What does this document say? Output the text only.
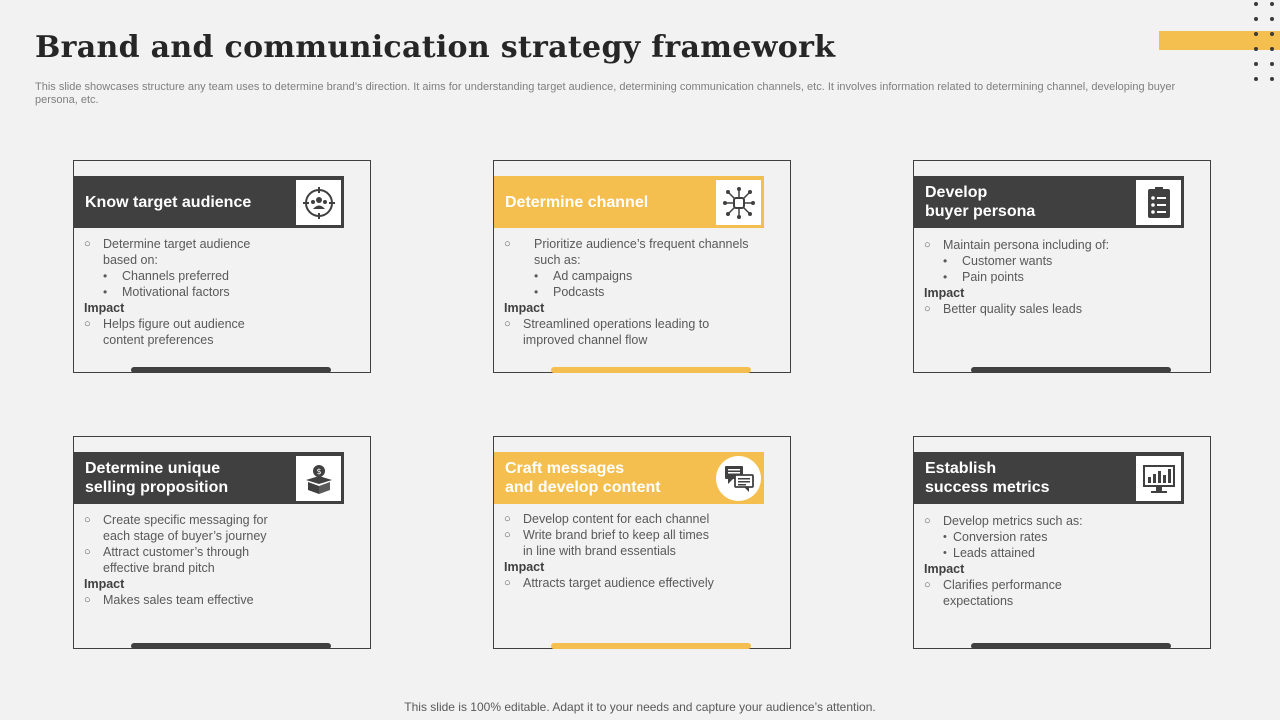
Brand and communication strategy framework
This slide showcases structure any team uses to determine brand’s direction. It aims for understanding target audience, determining communication channels, etc. It involves information related to determining channel, developing buyer persona, etc.
Know target audience
○ Determine target audience
based on:
•	Channels preferred
•	Motivational factors
Impact
○ Helps figure out audience
content preferences
Determine channel
○	Prioritize audience’s frequent channels
such as:
•	Ad campaigns
•	Podcasts
Impact
○ Streamlined operations leading to
improved channel flow
Develop
buyer persona
○ Maintain persona including of:
•	Customer wants
•	Pain points
Impact
○ Better quality sales leads
Determine unique
selling proposition
$
○ Create specific messaging for
each stage of buyer’s journey
○ Attract customer’s through
effective brand pitch
Impact
○ Makes sales team effective
Craft messages
and develop content
○ Develop content for each channel
○ Write brand brief to keep all times
in line with brand essentials
Impact
○ Attracts target audience effectively
Establish
success metrics
○ Develop metrics such as:
• Conversion rates
• Leads attained
Impact
○ Clarifies performance
expectations
This slide is 100% editable. Adapt it to your needs and capture your audience’s attention.
